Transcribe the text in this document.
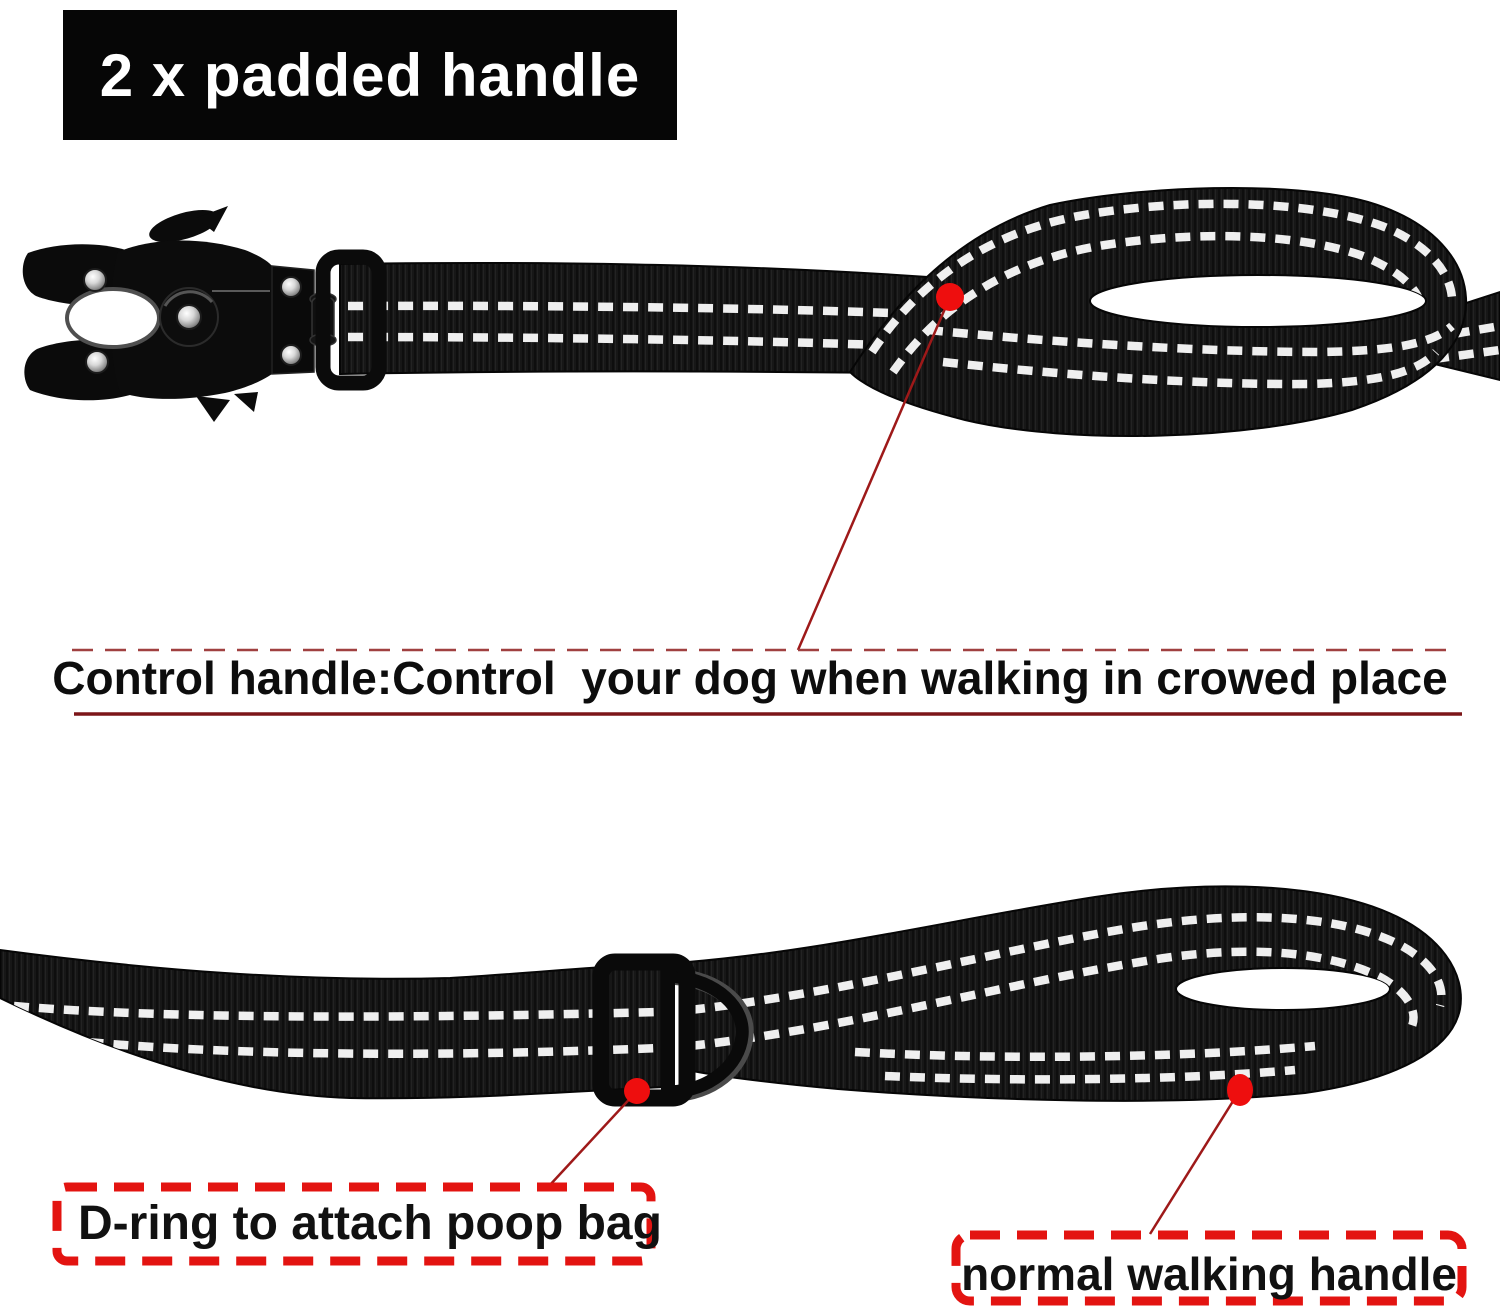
2 x padded handle
Control handle:Control  your dog when walking in crowed place
D-ring to attach poop bag
normal walking handle
